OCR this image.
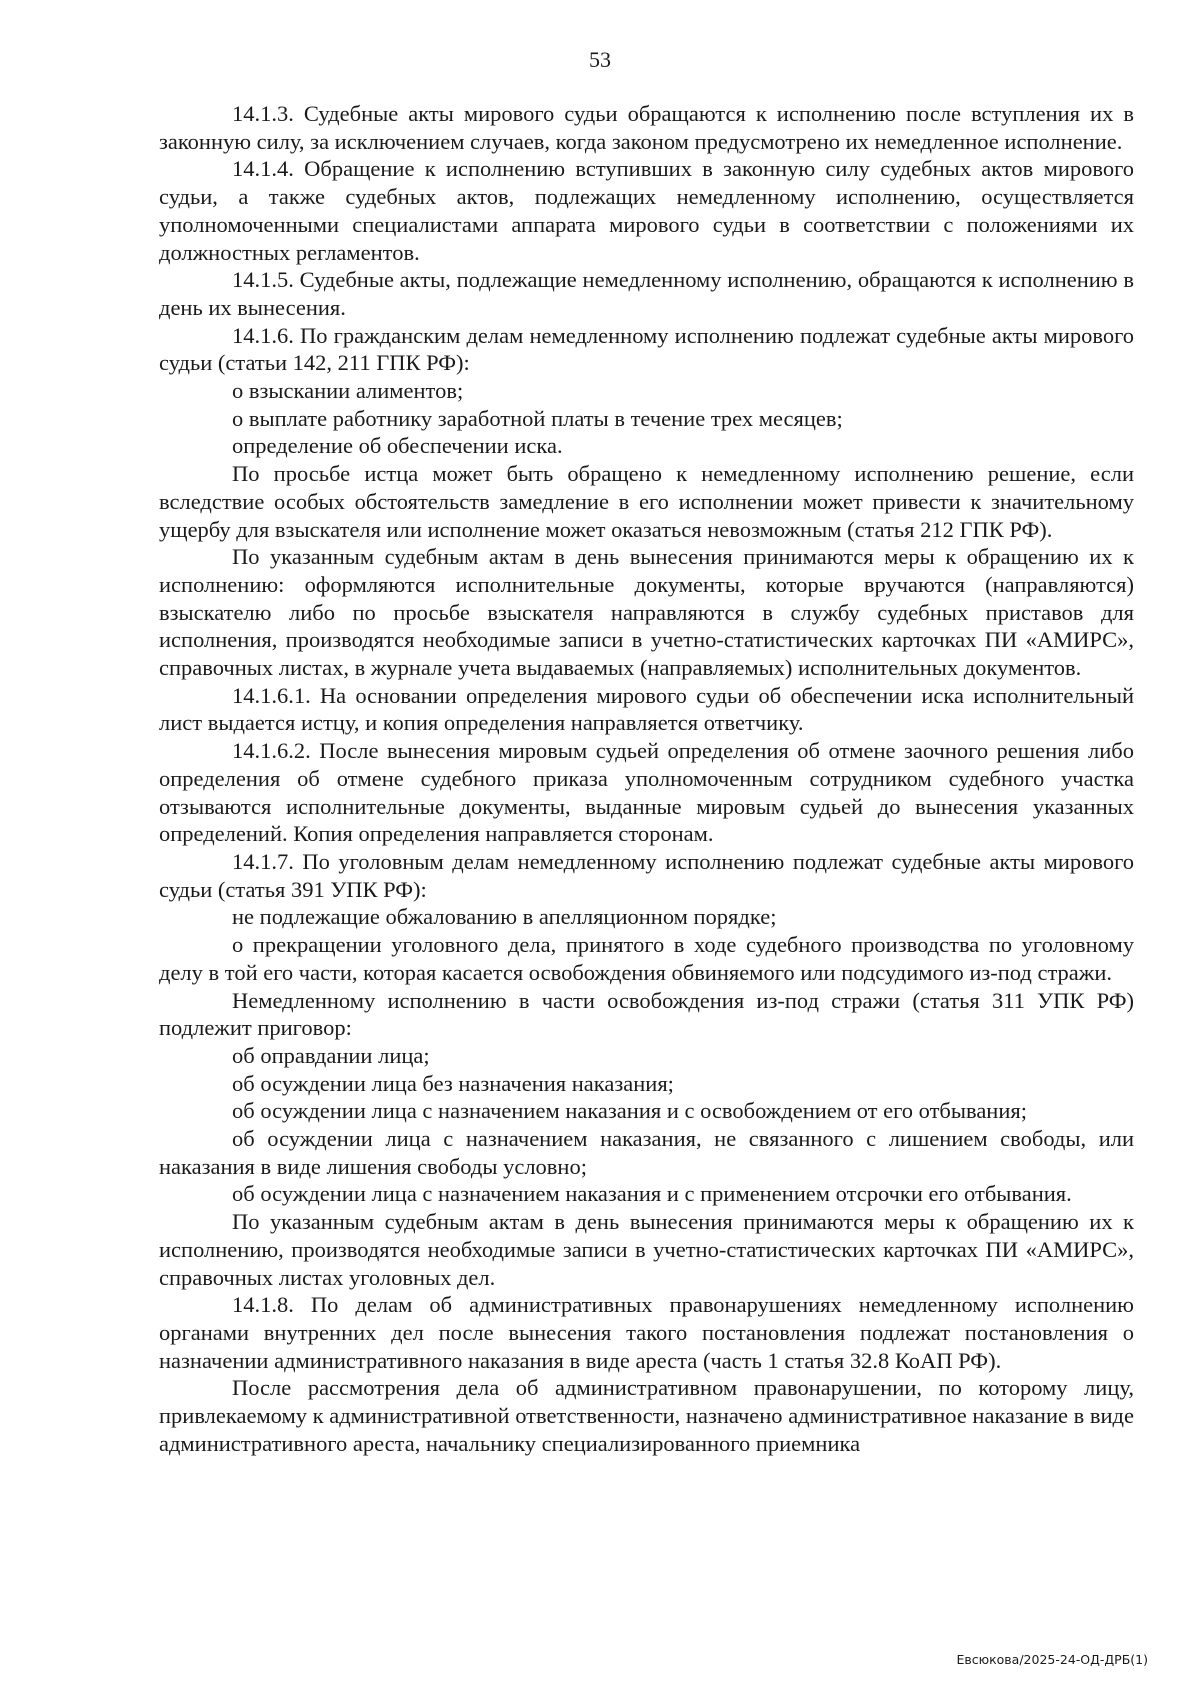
53

14.1.3. Судебные акты мирового судьи обращаются к исполнению после вступления их в законную силу, за исключением случаев, когда законом предусмотрено их немедленное исполнение.

14.1.4. Обращение к исполнению вступивших в законную силу судебных актов мирового судьи, а также судебных актов, подлежащих немедленному исполнению, осуществляется уполномоченными специалистами аппарата мирового судьи в соответствии с положениями их должностных регламентов.

14.1.5. Судебные акты, подлежащие немедленному исполнению, обращаются к исполнению в день их вынесения.

14.1.6. По гражданским делам немедленному исполнению подлежат судебные акты мирового судьи (статьи 142, 211 ГПК РФ):

о взыскании алиментов;

о выплате работнику заработной платы в течение трех месяцев;

определение об обеспечении иска.

По просьбе истца может быть обращено к немедленному исполнению решение, если вследствие особых обстоятельств замедление в его исполнении может привести к значительному ущербу для взыскателя или исполнение может оказаться невозможным (статья 212 ГПК РФ).

По указанным судебным актам в день вынесения принимаются меры к обращению их к исполнению: оформляются исполнительные документы, которые вручаются (направляются) взыскателю либо по просьбе взыскателя направляются в службу судебных приставов для исполнения, производятся необходимые записи в учетно-статистических карточках ПИ «АМИРС», справочных листах, в журнале учета выдаваемых (направляемых) исполнительных документов.

14.1.6.1. На основании определения мирового судьи об обеспечении иска исполнительный лист выдается истцу, и копия определения направляется ответчику.

14.1.6.2. После вынесения мировым судьей определения об отмене заочного решения либо определения об отмене судебного приказа уполномоченным сотрудником судебного участка отзываются исполнительные документы, выданные мировым судьей до вынесения указанных определений. Копия определения направляется сторонам.

14.1.7. По уголовным делам немедленному исполнению подлежат судебные акты мирового судьи (статья 391 УПК РФ):

не подлежащие обжалованию в апелляционном порядке;

о прекращении уголовного дела, принятого в ходе судебного производства по уголовному делу в той его части, которая касается освобождения обвиняемого или подсудимого из-под стражи.

Немедленному исполнению в части освобождения из-под стражи (статья 311 УПК РФ) подлежит приговор:

об оправдании лица;

об осуждении лица без назначения наказания;

об осуждении лица с назначением наказания и с освобождением от его отбывания;

об осуждении лица с назначением наказания, не связанного с лишением свободы, или наказания в виде лишения свободы условно;

об осуждении лица с назначением наказания и с применением отсрочки его отбывания.

По указанным судебным актам в день вынесения принимаются меры к обращению их к исполнению, производятся необходимые записи в учетно-статистических карточках ПИ «АМИРС», справочных листах уголовных дел.

14.1.8. По делам об административных правонарушениях немедленному исполнению органами внутренних дел после вынесения такого постановления подлежат постановления о назначении административного наказания в виде ареста (часть 1 статья 32.8 КоАП РФ).

После рассмотрения дела об административном правонарушении, по которому лицу, привлекаемому к административной ответственности, назначено административное наказание в виде административного ареста, начальнику специализированного приемника

Евсюкова/2025-24-ОД-ДРБ(1)
